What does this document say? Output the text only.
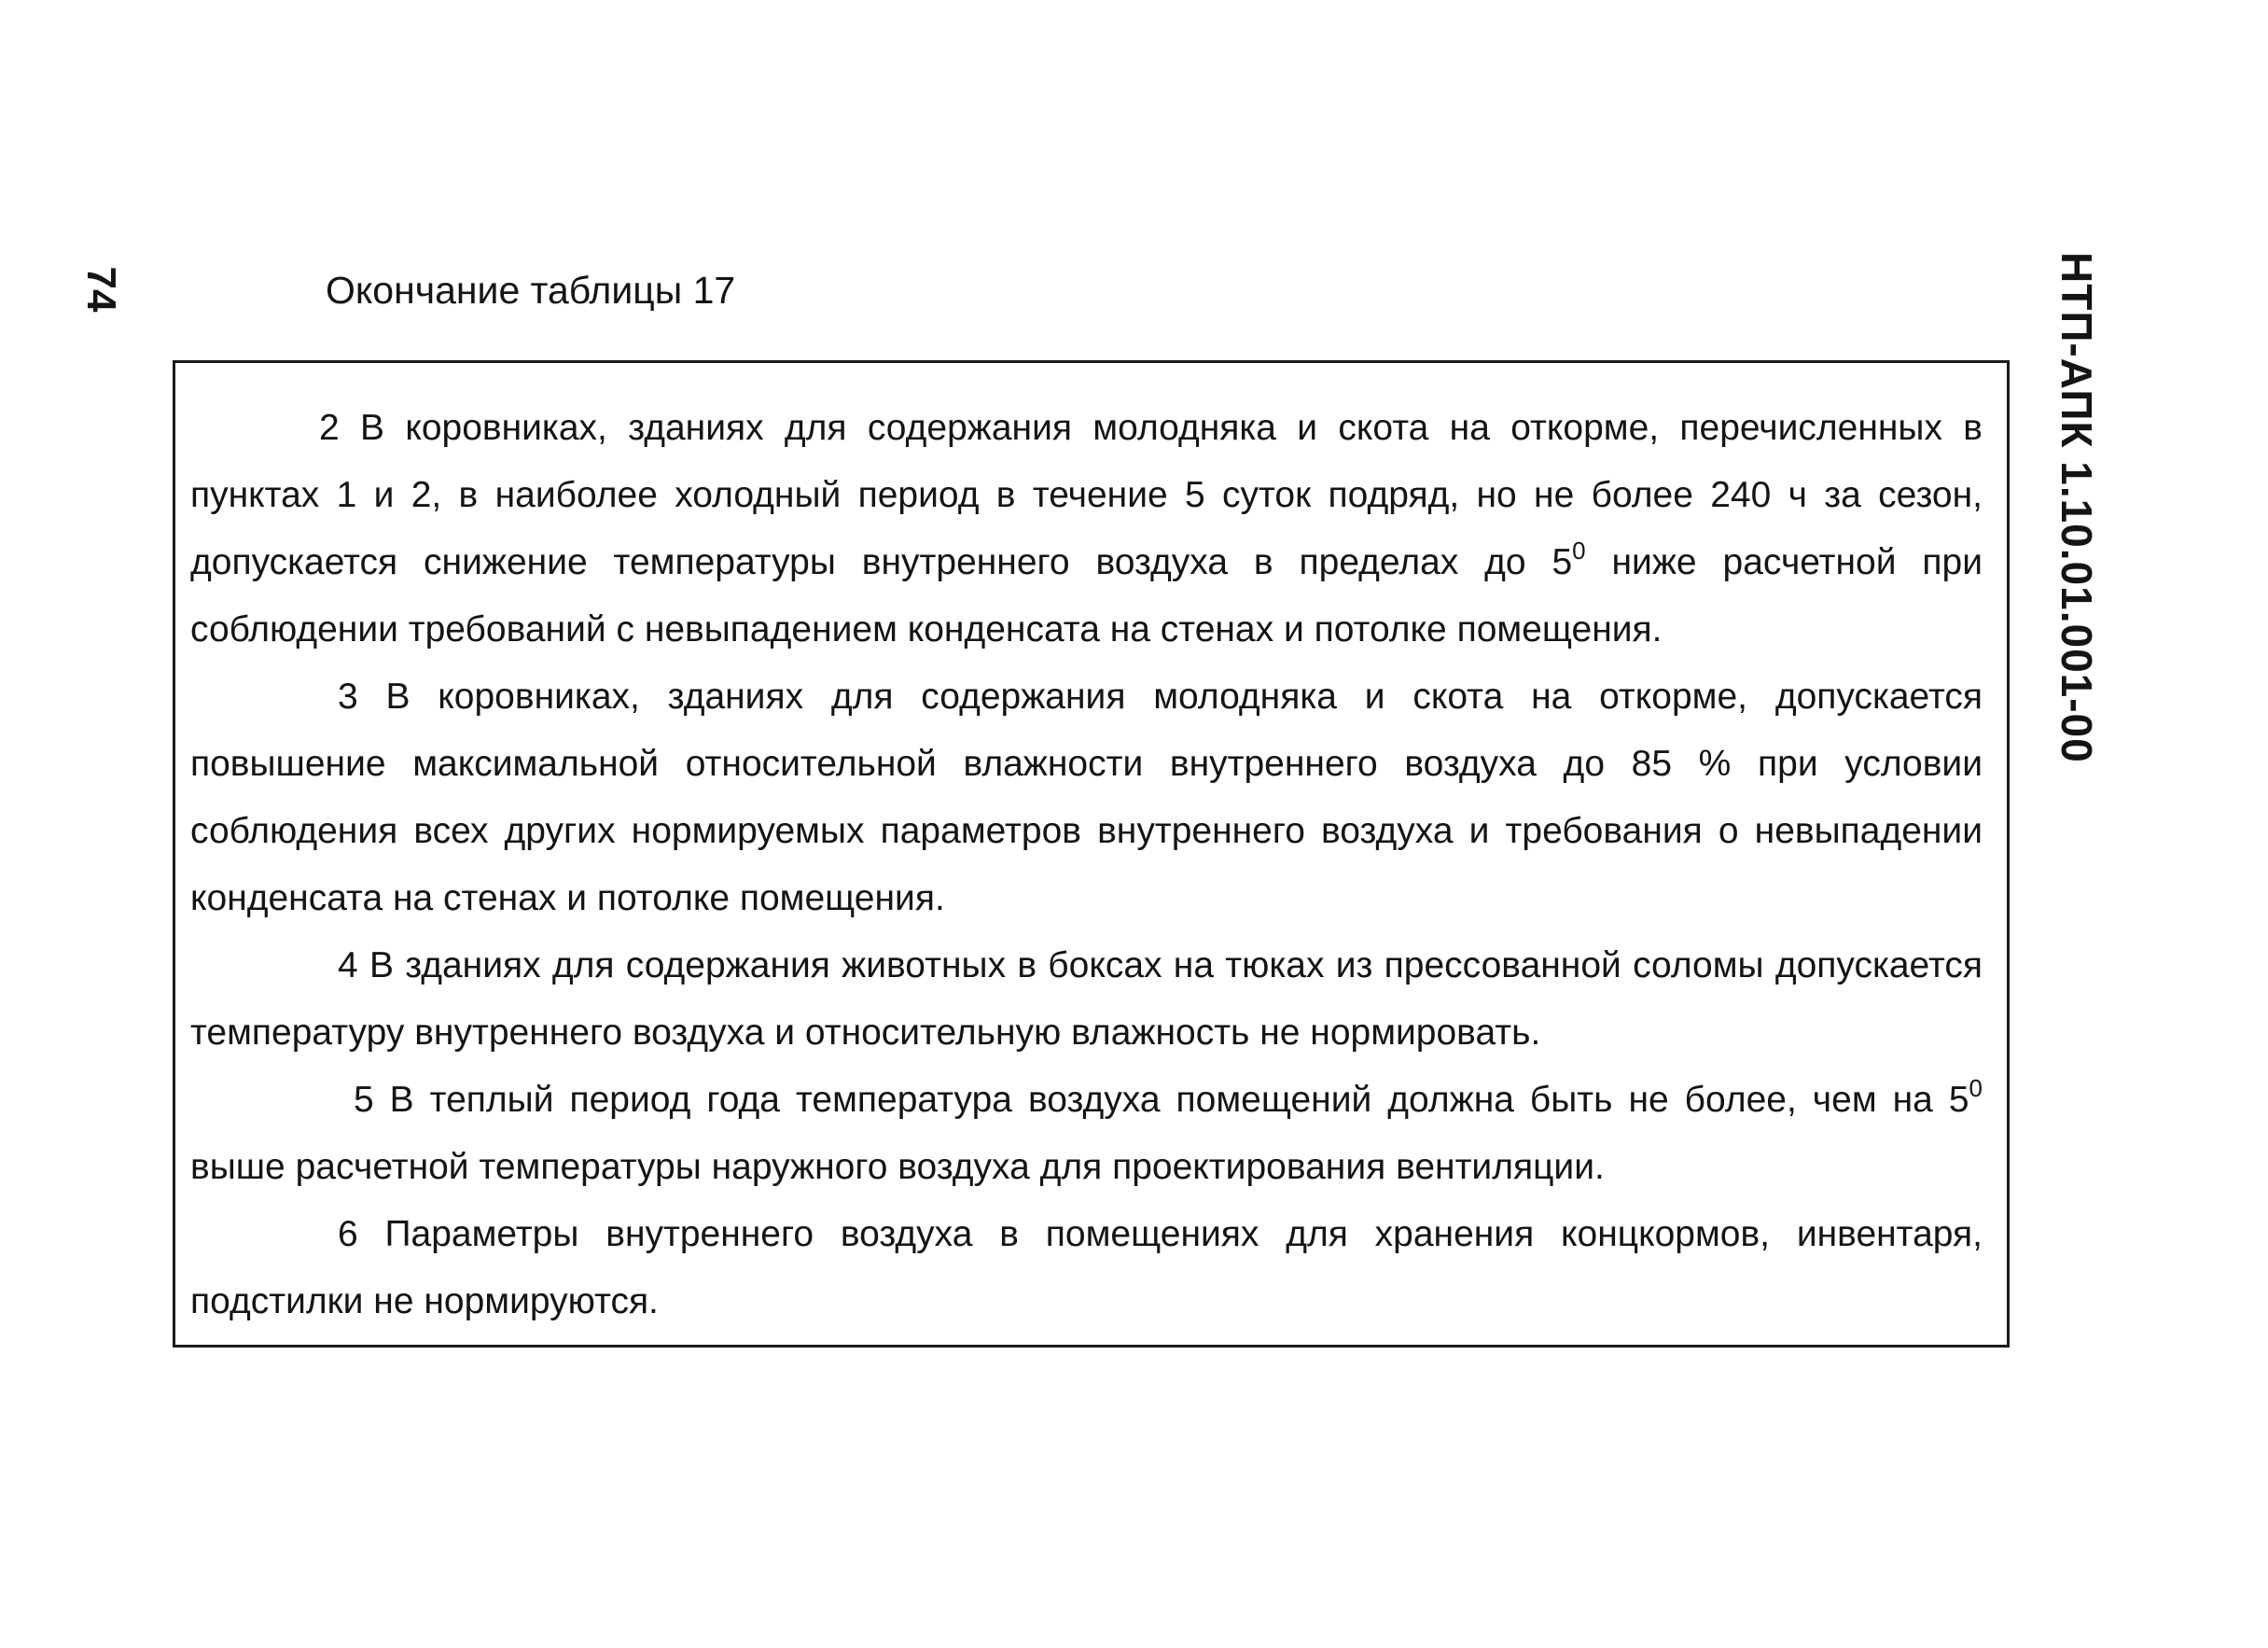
74	НТП-АПК 1.10.01.001-00
Окончание таблицы 17

2 В коровниках, зданиях для содержания молодняка и скота на откорме, перечисленных в пунктах 1 и 2, в наиболее холодный период в течение 5 суток подряд, но не более 240 ч за сезон, допускается снижение температуры внутреннего воздуха в пределах до $5^0$ ниже расчетной при соблюдении требований с невыпадением конденсата на стенах и потолке помещения.

3 В коровниках, зданиях для содержания молодняка и скота на откорме, допускается повышение максимальной относительной влажности внутреннего воздуха до 85 % при условии соблюдения всех других нормируемых параметров внутреннего воздуха и требования о невыпадении конденсата на стенах и потолке помещения.

4 В зданиях для содержания животных в боксах на тюках из прессованной соломы допускается температуру внутреннего воздуха и относительную влажность не нормировать.

5 В теплый период года температура воздуха помещений должна быть не более, чем на $5^0$ выше расчетной температуры наружного воздуха для проектирования вентиляции.

6 Параметры внутреннего воздуха в помещениях для хранения концкормов, инвентаря, подстилки не нормируются.
